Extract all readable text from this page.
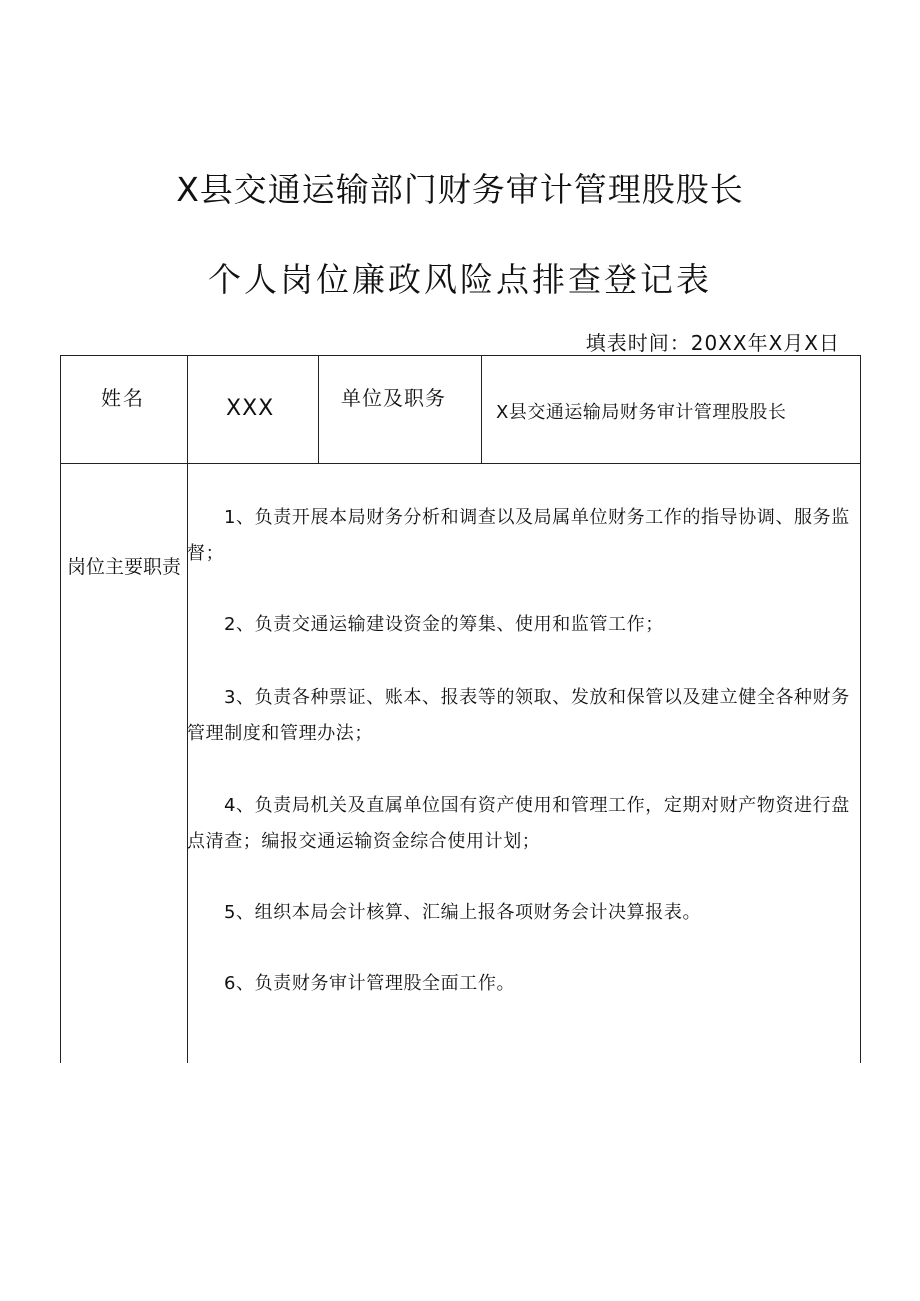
X县交通运输部门财务审计管理股股长
个人岗位廉政风险点排查登记表
填表时间：20XX年X月X日
姓名	XXX	单位及职务
X县交通运输局财务审计管理股股长
岗位主要职责
1、负责开展本局财务分析和调查以及局属单位财务工作的指导协调、服务监督；
2、负责交通运输建设资金的筹集、使用和监管工作；
3、负责各种票证、账本、报表等的领取、发放和保管以及建立健全各种财务管理制度和管理办法；
4、负责局机关及直属单位国有资产使用和管理工作，定期对财产物资进行盘点清查；编报交通运输资金综合使用计划；
5、组织本局会计核算、汇编上报各项财务会计决算报表。
6、负责财务审计管理股全面工作。
